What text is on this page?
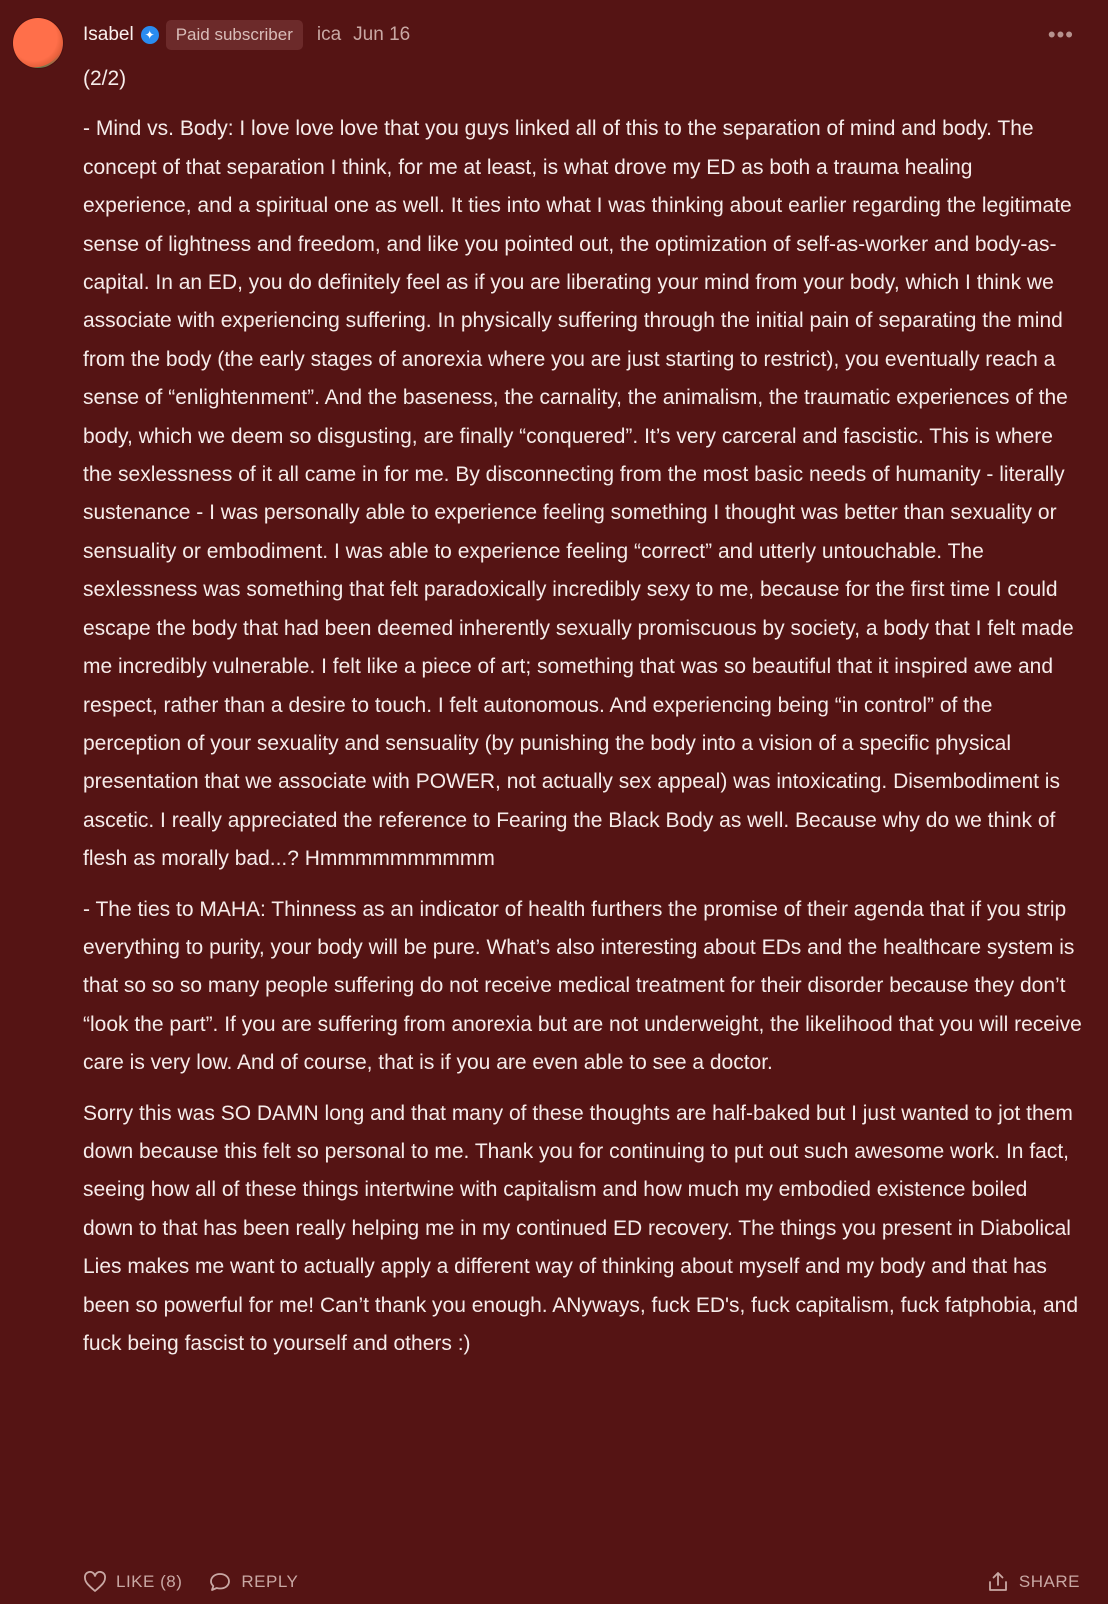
Isabel ✦	Paid subscriber	ica Jun 16	•••

(2/2)

- Mind vs. Body: I love love love that you guys linked all of this to the separation of mind and body. The concept of that separation I think, for me at least, is what drove my ED as both a trauma healing experience, and a spiritual one as well. It ties into what I was thinking about earlier regarding the legitimate sense of lightness and freedom, and like you pointed out, the optimization of self-as-worker and body-as-capital. In an ED, you do definitely feel as if you are liberating your mind from your body, which I think we associate with experiencing suffering. In physically suffering through the initial pain of separating the mind from the body (the early stages of anorexia where you are just starting to restrict), you eventually reach a sense of “enlightenment”. And the baseness, the carnality, the animalism, the traumatic experiences of the body, which we deem so disgusting, are finally “conquered”. It’s very carceral and fascistic. This is where the sexlessness of it all came in for me. By disconnecting from the most basic needs of humanity - literally sustenance - I was personally able to experience feeling something I thought was better than sexuality or sensuality or embodiment. I was able to experience feeling “correct” and utterly untouchable. The sexlessness was something that felt paradoxically incredibly sexy to me, because for the first time I could escape the body that had been deemed inherently sexually promiscuous by society, a body that I felt made me incredibly vulnerable. I felt like a piece of art; something that was so beautiful that it inspired awe and respect, rather than a desire to touch. I felt autonomous. And experiencing being “in control” of the perception of your sexuality and sensuality (by punishing the body into a vision of a specific physical presentation that we associate with POWER, not actually sex appeal) was intoxicating. Disembodiment is ascetic. I really appreciated the reference to Fearing the Black Body as well. Because why do we think of flesh as morally bad...? Hmmmmmmmmmm

- The ties to MAHA: Thinness as an indicator of health furthers the promise of their agenda that if you strip everything to purity, your body will be pure. What’s also interesting about EDs and the healthcare system is that so so so many people suffering do not receive medical treatment for their disorder because they don’t “look the part”. If you are suffering from anorexia but are not underweight, the likelihood that you will receive care is very low. And of course, that is if you are even able to see a doctor.

Sorry this was SO DAMN long and that many of these thoughts are half-baked but I just wanted to jot them down because this felt so personal to me. Thank you for continuing to put out such awesome work. In fact, seeing how all of these things intertwine with capitalism and how much my embodied existence boiled down to that has been really helping me in my continued ED recovery. The things you present in Diabolical Lies makes me want to actually apply a different way of thinking about myself and my body and that has been so powerful for me! Can’t thank you enough. ANyways, fuck ED's, fuck capitalism, fuck fatphobia, and fuck being fascist to yourself and others :)

LIKE (8)	REPLY	SHARE
